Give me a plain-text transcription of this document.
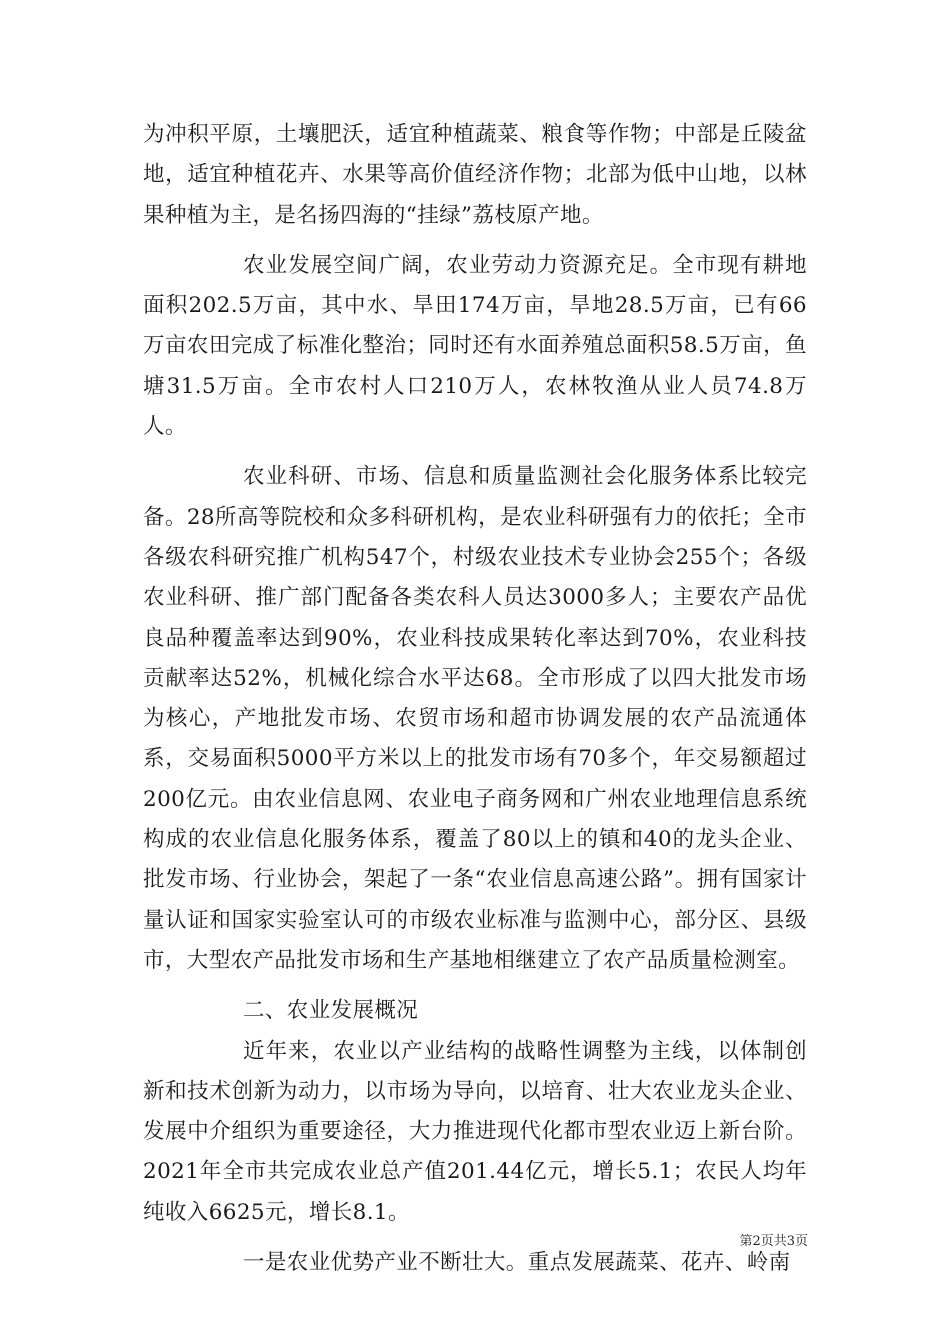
为冲积平原，土壤肥沃，适宜种植蔬菜、粮食等作物；中部是丘陵盆地，适宜种植花卉、水果等高价值经济作物；北部为低中山地，以林果种植为主，是名扬四海的“挂绿”荔枝原产地。

农业发展空间广阔，农业劳动力资源充足。全市现有耕地面积202.5万亩，其中水、旱田174万亩，旱地28.5万亩，已有66万亩农田完成了标准化整治；同时还有水面养殖总面积58.5万亩，鱼塘31.5万亩。全市农村人口210万人，农林牧渔从业人员74.8万人。

农业科研、市场、信息和质量监测社会化服务体系比较完备。28所高等院校和众多科研机构，是农业科研强有力的依托；全市各级农科研究推广机构547个，村级农业技术专业协会255个；各级农业科研、推广部门配备各类农科人员达3000多人；主要农产品优良品种覆盖率达到90%，农业科技成果转化率达到70%，农业科技贡献率达52%，机械化综合水平达68。全市形成了以四大批发市场为核心，产地批发市场、农贸市场和超市协调发展的农产品流通体系，交易面积5000平方米以上的批发市场有70多个，年交易额超过200亿元。由农业信息网、农业电子商务网和广州农业地理信息系统构成的农业信息化服务体系，覆盖了80以上的镇和40的龙头企业、批发市场、行业协会，架起了一条“农业信息高速公路”。拥有国家计量认证和国家实验室认可的市级农业标准与监测中心，部分区、县级市，大型农产品批发市场和生产基地相继建立了农产品质量检测室。

二、农业发展概况

近年来，农业以产业结构的战略性调整为主线，以体制创新和技术创新为动力，以市场为导向，以培育、壮大农业龙头企业、发展中介组织为重要途径，大力推进现代化都市型农业迈上新台阶。2021年全市共完成农业总产值201.44亿元，增长5.1；农民人均年纯收入6625元，增长8.1。

一是农业优势产业不断壮大。重点发展蔬菜、花卉、岭南

第2页共3页
